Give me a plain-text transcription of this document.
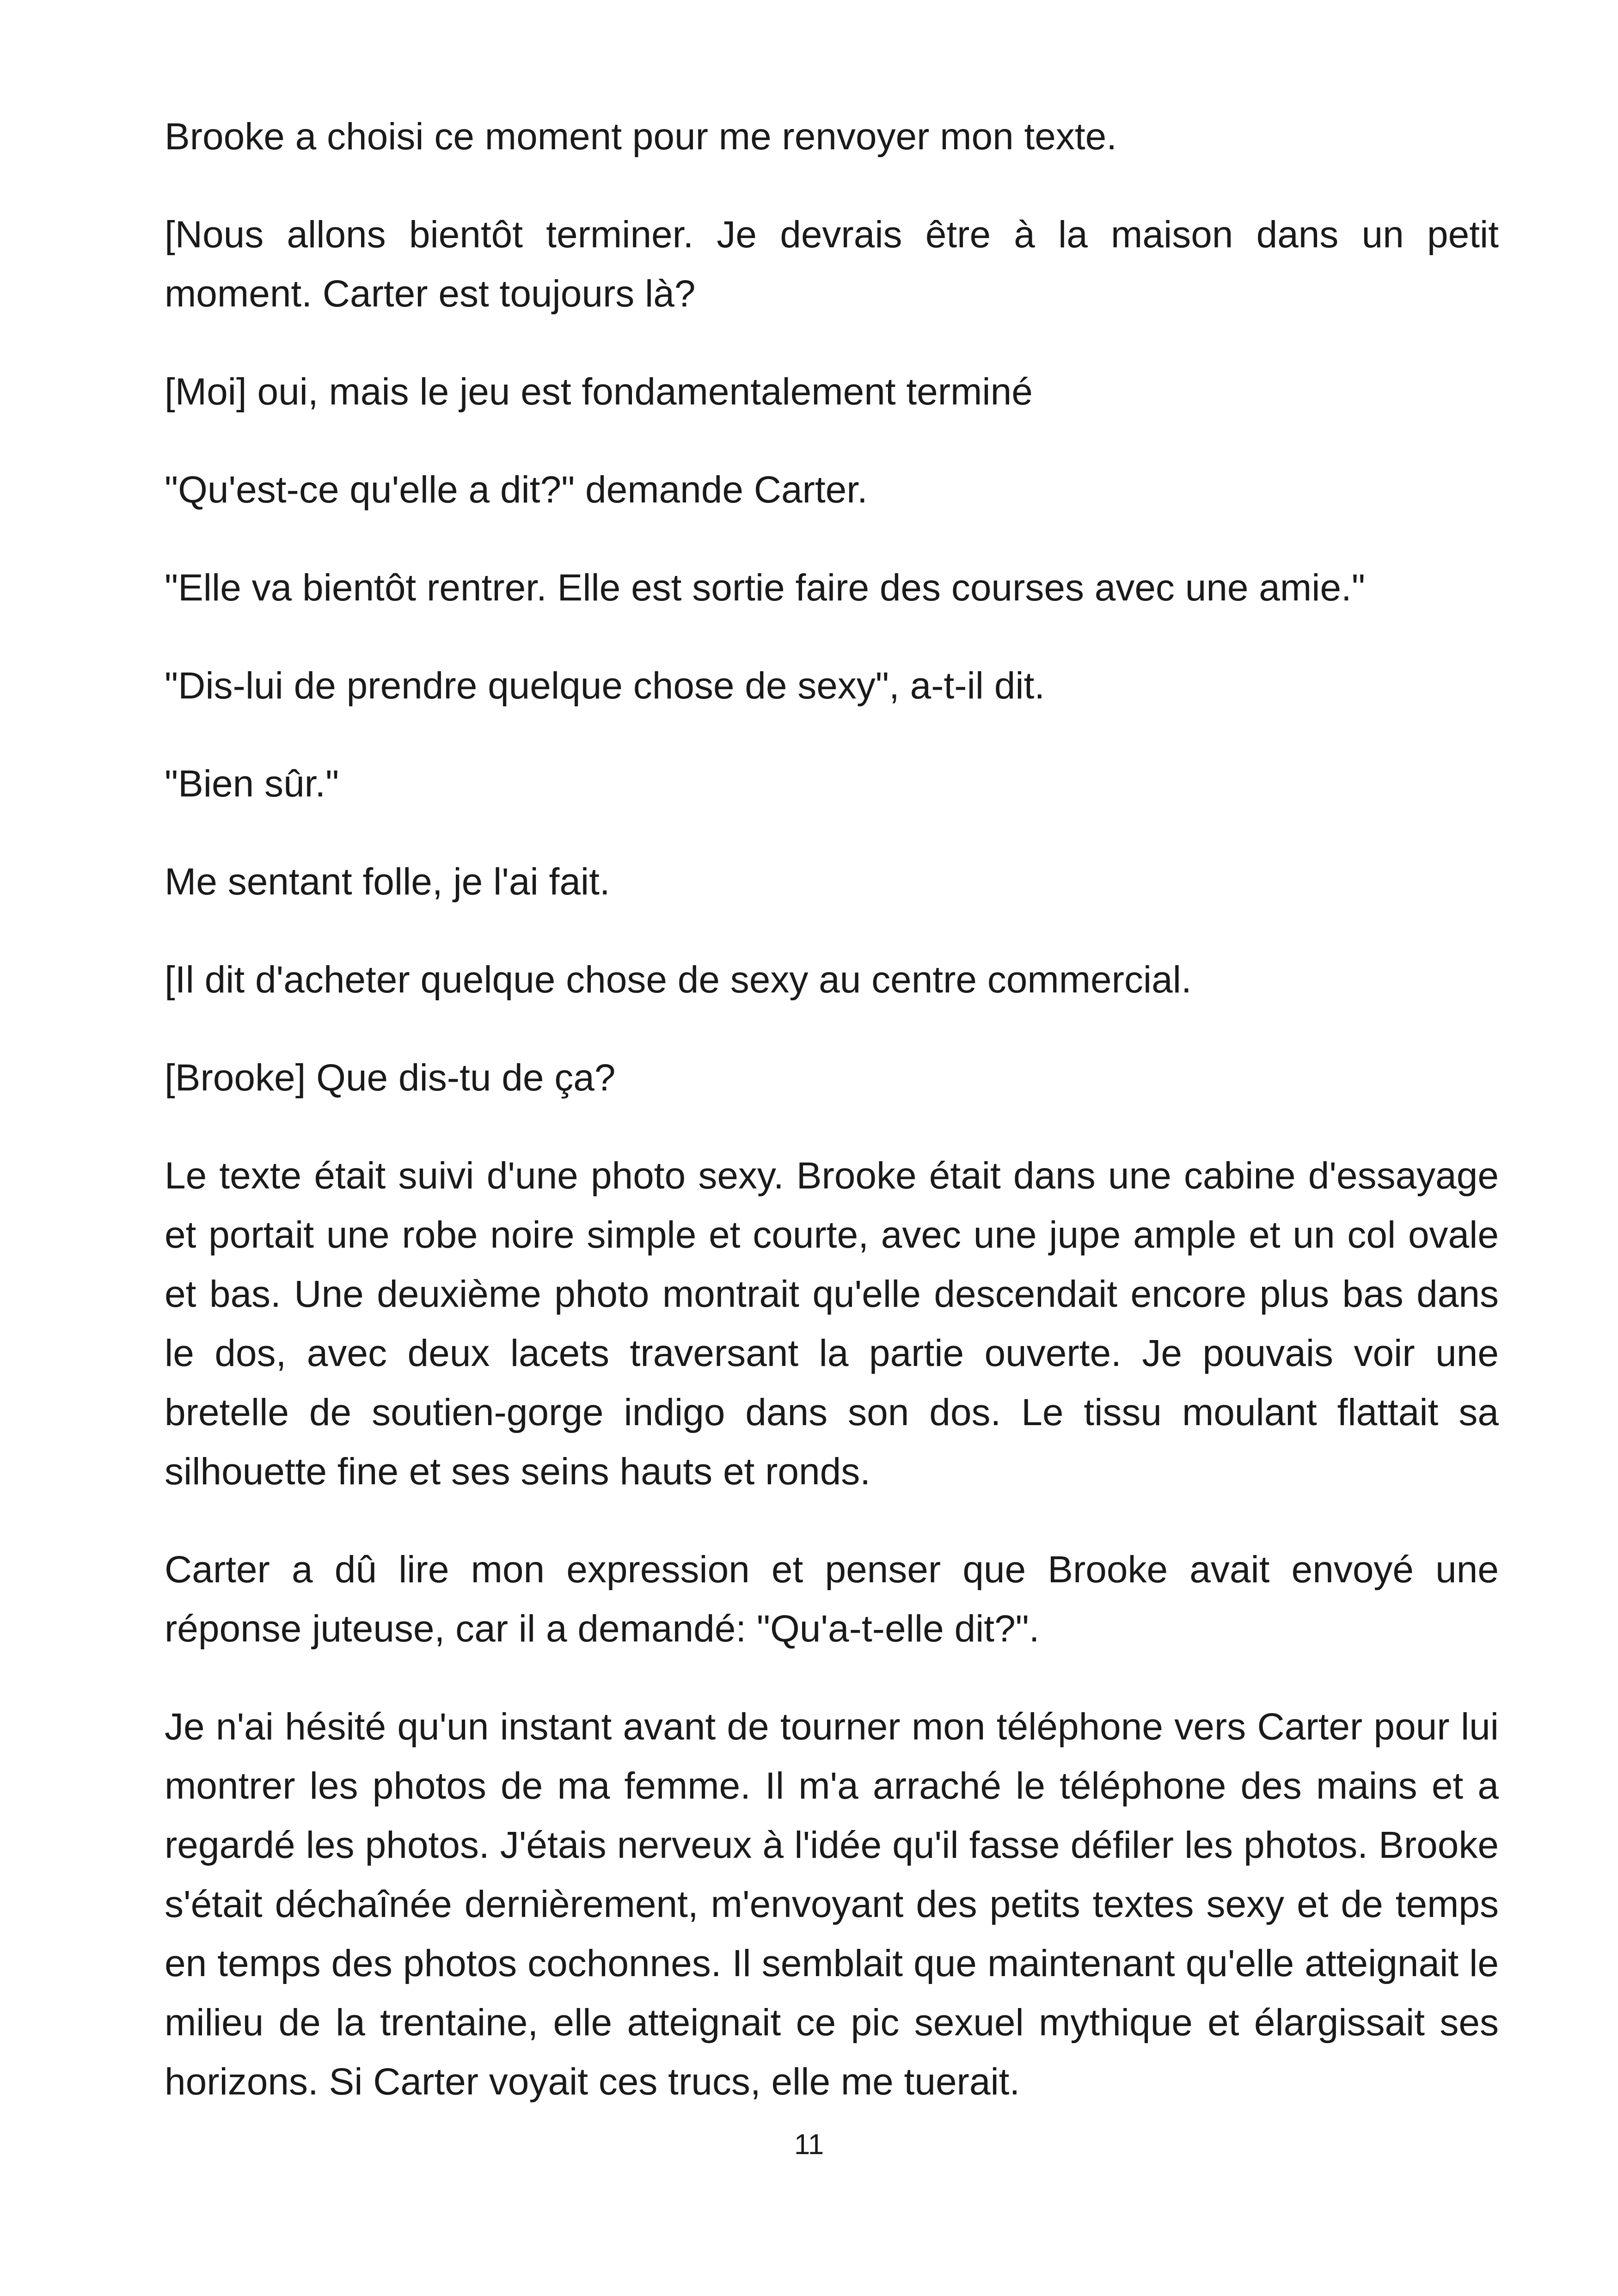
Brooke a choisi ce moment pour me renvoyer mon texte.

[Nous allons bientôt terminer. Je devrais être à la maison dans un petit moment. Carter est toujours là?

[Moi] oui, mais le jeu est fondamentalement terminé

"Qu'est-ce qu'elle a dit?" demande Carter.

"Elle va bientôt rentrer. Elle est sortie faire des courses avec une amie."

"Dis-lui de prendre quelque chose de sexy", a-t-il dit.

"Bien sûr."

Me sentant folle, je l'ai fait.

[Il dit d'acheter quelque chose de sexy au centre commercial.

[Brooke] Que dis-tu de ça?

Le texte était suivi d'une photo sexy. Brooke était dans une cabine d'essayage et portait une robe noire simple et courte, avec une jupe ample et un col ovale et bas. Une deuxième photo montrait qu'elle descendait encore plus bas dans le dos, avec deux lacets traversant la partie ouverte. Je pouvais voir une bretelle de soutien-gorge indigo dans son dos. Le tissu moulant flattait sa silhouette fine et ses seins hauts et ronds.

Carter a dû lire mon expression et penser que Brooke avait envoyé une réponse juteuse, car il a demandé: "Qu'a-t-elle dit?".

Je n'ai hésité qu'un instant avant de tourner mon téléphone vers Carter pour lui montrer les photos de ma femme. Il m'a arraché le téléphone des mains et a regardé les photos. J'étais nerveux à l'idée qu'il fasse défiler les photos. Brooke s'était déchaînée dernièrement, m'envoyant des petits textes sexy et de temps en temps des photos cochonnes. Il semblait que maintenant qu'elle atteignait le milieu de la trentaine, elle atteignait ce pic sexuel mythique et élargissait ses horizons. Si Carter voyait ces trucs, elle me tuerait.

11
